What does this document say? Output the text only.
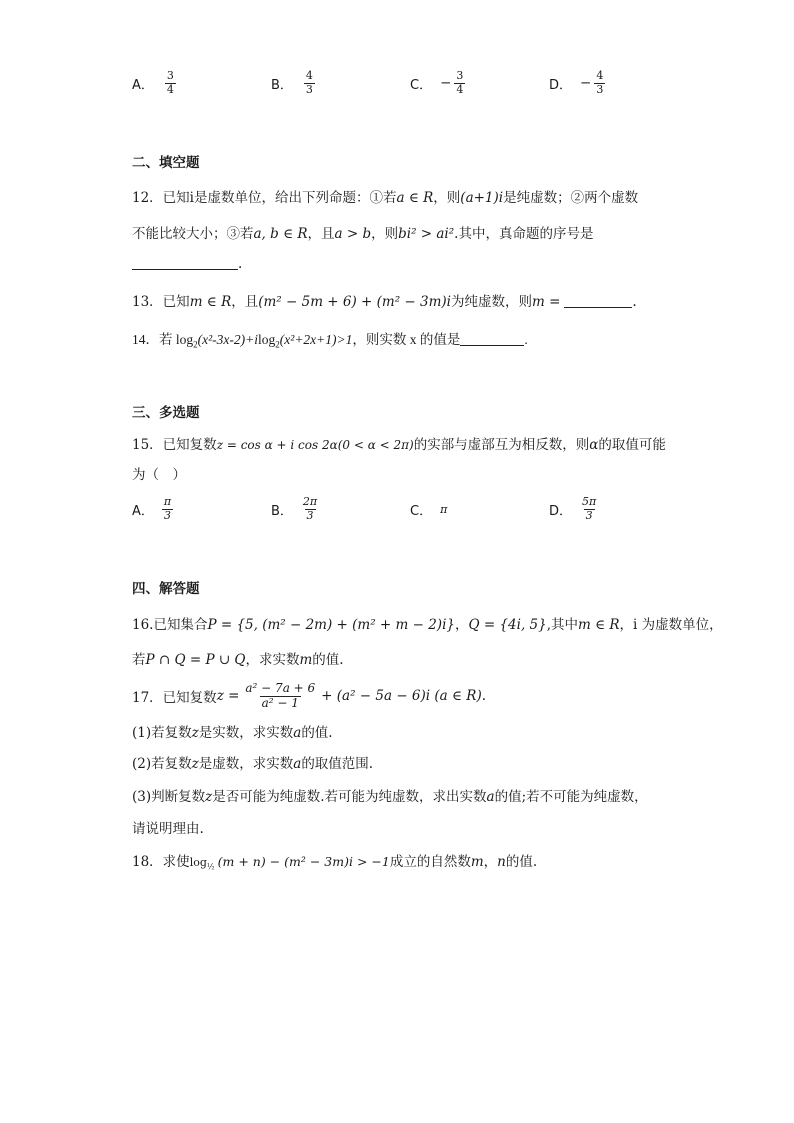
A． $\frac{3}{4}$	B． $\frac{4}{3}$	C． − $\frac{3}{4}$	D． − $\frac{4}{3}$
二、填空题
12．已知i是虚数单位，给出下列命题：①若a ∈ R，则(a+1)i是纯虚数；②两个虚数
不能比较大小；③若a, b ∈ R，且a > b，则bi² > ai².其中，真命题的序号是
.
13．已知m ∈ R，且(m² − 5m + 6) + (m² − 3m)i为纯虚数，则m =	.
14．若 $\log_2(x^2-3x-2)+ilog_2(x^2+2x+1)>1$，则实数 x 的值是	.
三、多选题
15．已知复数z = cos α + i cos 2α(0 < α < 2π)的实部与虚部互为相反数，则α的取值可能
为（　）
A． $\frac{\pi}{3}$	B． $\frac{2\pi}{3}$	C． π	D． $\frac{5\pi}{3}$
四、解答题
16.已知集合P = {5, (m² − 2m) + (m² + m − 2)i}，Q = {4i, 5},其中m ∈ R，i 为虚数单位，
若P ∩ Q = P ∪ Q，求实数m的值.
17．已知复数 $z = \frac{\text{a² − 7a + 6}}{\text{a² − 1}} + (a^2 - 5a - 6)i$ (a ∈ R) .
(1)若复数z是实数，求实数a的值.
(2)若复数z是虚数，求实数a的取值范围.
(3)判断复数z是否可能为纯虚数.若可能为纯虚数，求出实数a的值;若不可能为纯虚数，
请说明理由.
18．求使$\log_{\frac{1}{2}} (m + n) - (m^2 - 3m)i > -1$成立的自然数m，n的值.
